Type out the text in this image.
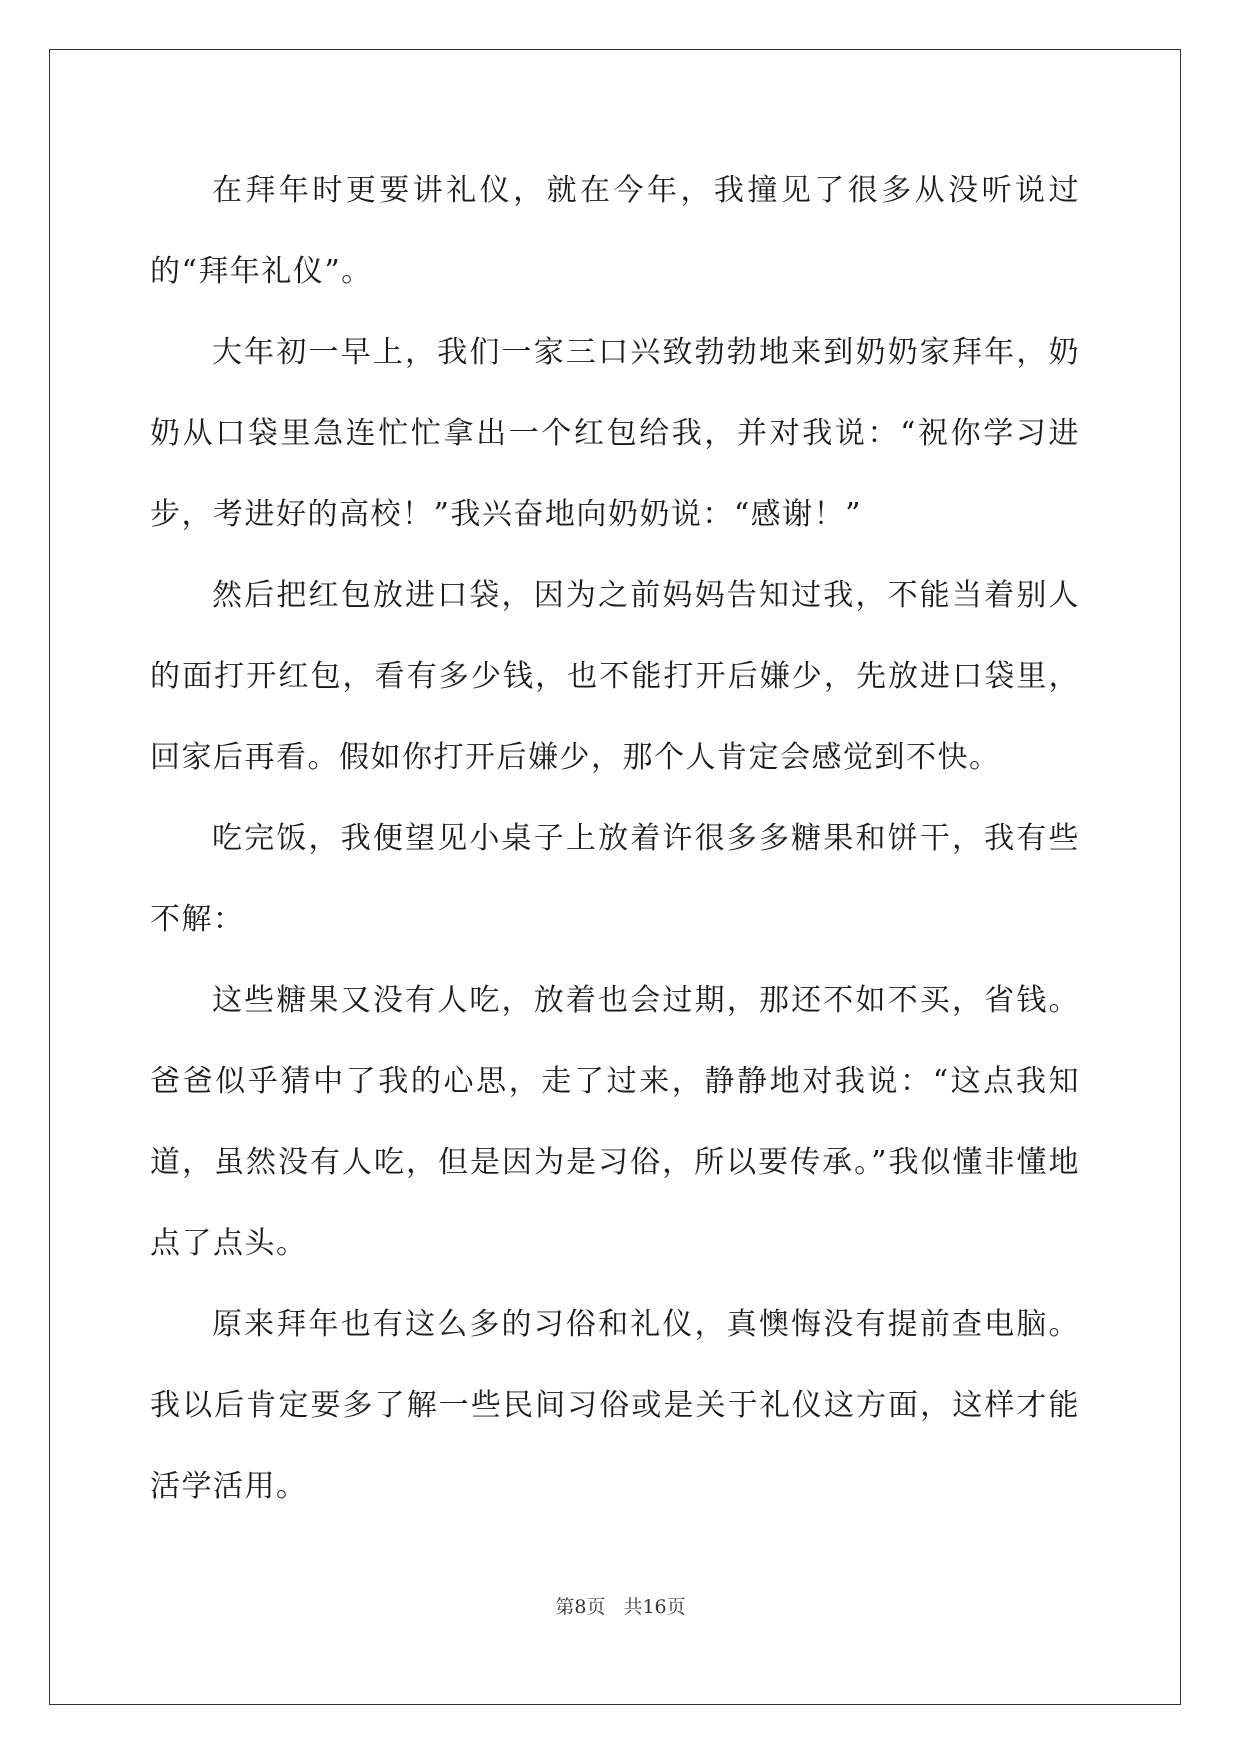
在拜年时更要讲礼仪，就在今年，我撞见了很多从没听说过的“拜年礼仪”。

大年初一早上，我们一家三口兴致勃勃地来到奶奶家拜年，奶奶从口袋里急连忙忙拿出一个红包给我，并对我说：“祝你学习进步，考进好的高校！”我兴奋地向奶奶说：“感谢！”

然后把红包放进口袋，因为之前妈妈告知过我，不能当着别人的面打开红包，看有多少钱，也不能打开后嫌少，先放进口袋里，回家后再看。假如你打开后嫌少，那个人肯定会感觉到不快。

吃完饭，我便望见小桌子上放着许很多多糖果和饼干，我有些不解：

这些糖果又没有人吃，放着也会过期，那还不如不买，省钱。爸爸似乎猜中了我的心思，走了过来，静静地对我说：“这点我知道，虽然没有人吃，但是因为是习俗，所以要传承。”我似懂非懂地点了点头。

原来拜年也有这么多的习俗和礼仪，真懊悔没有提前查电脑。我以后肯定要多了解一些民间习俗或是关于礼仪这方面，这样才能活学活用。

第8页 共16页
